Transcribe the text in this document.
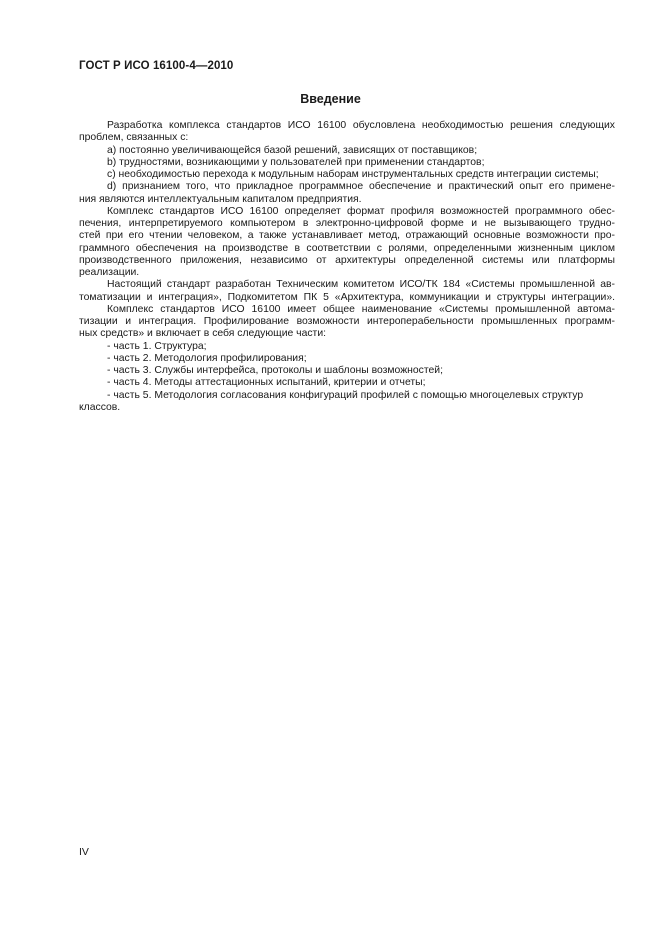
ГОСТ Р ИСО 16100-4—2010
Введение
Разработка комплекса стандартов ИСО 16100 обусловлена необходимостью решения следующих
проблем, связанных с:
а) постоянно увеличивающейся базой решений, зависящих от поставщиков;
b) трудностями, возникающими у пользователей при применении стандартов;
с) необходимостью перехода к модульным наборам инструментальных средств интеграции системы;
d) признанием того, что прикладное программное обеспечение и практический опыт его примене-
ния являются интеллектуальным капиталом предприятия.
Комплекс стандартов ИСО 16100 определяет формат профиля возможностей программного обес-
печения, интерпретируемого компьютером в электронно-цифровой форме и не вызывающего трудно-
стей при его чтении человеком, а также устанавливает метод, отражающий основные возможности про-
граммного обеспечения на производстве в соответствии с ролями, определенными жизненным циклом
производственного приложения, независимо от архитектуры определенной системы или платформы
реализации.
Настоящий стандарт разработан Техническим комитетом ИСО/ТК 184 «Системы промышленной ав-
томатизации и интеграция», Подкомитетом ПК 5 «Архитектура, коммуникации и структуры интеграции».
Комплекс стандартов ИСО 16100 имеет общее наименование «Системы промышленной автома-
тизации и интеграция. Профилирование возможности интероперабельности промышленных программ-
ных средств» и включает в себя следующие части:
- часть 1. Структура;
- часть 2. Методология профилирования;
- часть 3. Службы интерфейса, протоколы и шаблоны возможностей;
- часть 4. Методы аттестационных испытаний, критерии и отчеты;
- часть 5. Методология согласования конфигураций профилей с помощью многоцелевых структур
классов.
IV
